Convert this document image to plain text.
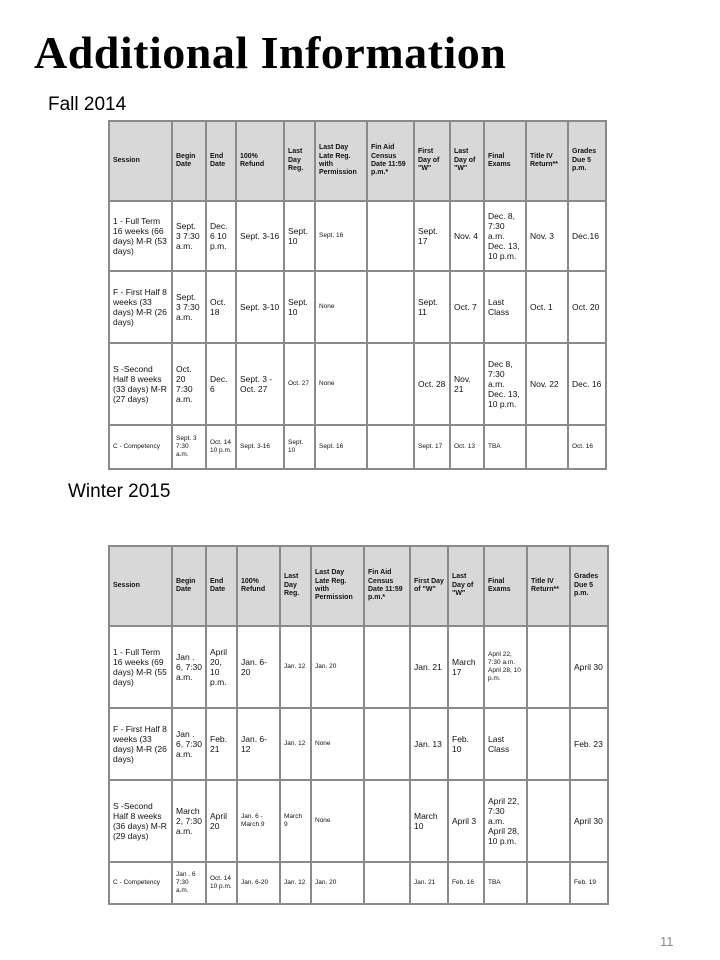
Additional Information
Fall 2014
Session	Begin Date	End Date	100% Refund	Last Day Reg.	Last Day Late Reg. with Permission	Fin Aid Census Date 11:59 p.m.*	First Day of "W"	Last Day of "W"	Final Exams	Title IV Return**	Grades Due 5 p.m.
1 - Full Term 16 weeks (66 days) M-R (53 days)	Sept. 3 7:30 a.m.	Dec. 6 10 p.m.	Sept. 3-16	Sept. 10	Sept. 16		Sept. 17	Nov. 4	Dec. 8, 7:30 a.m. Dec. 13, 10 p.m.	Nov. 3	Dec.16
F - First Half 8 weeks (33 days) M-R (26 days)	Sept. 3 7:30 a.m.	Oct. 18	Sept. 3-10	Sept. 10	None		Sept. 11	Oct. 7	Last Class	Oct. 1	Oct. 20
S -Second Half 8 weeks (33 days) M-R (27 days)	Oct. 20 7:30 a.m.	Dec. 6	Sept. 3 - Oct. 27	Oct. 27	None		Oct. 28	Nov. 21	Dec 8, 7:30 a.m. Dec. 13, 10 p.m.	Nov. 22	Dec. 16
C - Competency	Sept. 3 7:30 a.m.	Oct. 14 10 p.m.	Sept. 3-16	Sept. 10	Sept. 16		Sept. 17	Oct. 13	TBA		Oct. 16
Winter 2015
Session	Begin Date	End Date	100% Refund	Last Day Reg.	Last Day Late Reg. with Permission	Fin Aid Census Date 11:59 p.m.*	First Day of "W"	Last Day of "W"	Final Exams	Title IV Return**	Grades Due 5 p.m.
1 - Full Term 16 weeks (69 days) M-R (55 days)	Jan . 6, 7:30 a.m.	April 20, 10 p.m.	Jan. 6-20	Jan. 12	Jan. 20		Jan. 21	March 17	April 22, 7:30 a.m. April 28, 10 p.m.		April 30
F - First Half 8 weeks (33 days) M-R (26 days)	Jan . 6, 7:30 a.m.	Feb. 21	Jan. 6-12	Jan. 12	None		Jan. 13	Feb. 10	Last Class		Feb. 23
S -Second Half 8 weeks (36 days) M-R (29 days)	March 2, 7:30 a.m.	April 20	Jan. 6 - March 9	March 9	None		March 10	April 3	April 22, 7:30 a.m. April 28, 10 p.m.		April 30
C - Competency	Jan . 6 7:30 a.m.	Oct. 14 10 p.m.	Jan. 6-20	Jan. 12	Jan. 20		Jan. 21	Feb. 16	TBA		Feb. 19
11
